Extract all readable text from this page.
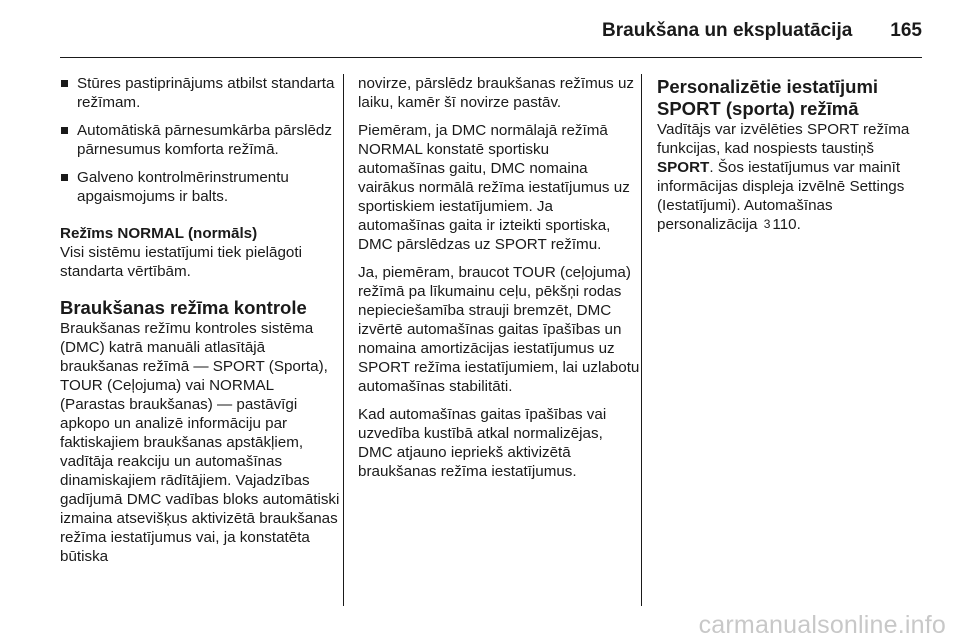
Braukšana un ekspluatācija 165
Stūres pastiprinājums atbilst standarta režīmam.
Automātiskā pārnesumkārba pārslēdz pārnesumus komforta režīmā.
Galveno kontrolmērinstrumentu apgaismojums ir balts.
Režīms NORMAL (normāls)

Visi sistēmu iestatījumi tiek pielāgoti standarta vērtībām.

Braukšanas režīma kontrole

Braukšanas režīmu kontroles sistēma (DMC) katrā manuāli atlasītājā braukšanas režīmā — SPORT (Sporta), TOUR (Ceļojuma) vai NORMAL (Parastas braukšanas) — pastāvīgi apkopo un analizē informāciju par faktiskajiem braukšanas apstākļiem, vadītāja reakciju un automašīnas dinamiskajiem rādītājiem. Vajadzības gadījumā DMC vadības bloks automātiski izmaina atsevišķus aktivizētā braukšanas režīma iestatījumus vai, ja konstatēta būtiska

novirze, pārslēdz braukšanas režīmus uz laiku, kamēr šī novirze pastāv.

Piemēram, ja DMC normālajā režīmā NORMAL konstatē sportisku automašīnas gaitu, DMC nomaina vairākus normālā režīma iestatījumus uz sportiskiem iestatījumiem. Ja automašīnas gaita ir izteikti sportiska, DMC pārslēdzas uz SPORT režīmu.

Ja, piemēram, braucot TOUR (ceļojuma) režīmā pa līkumainu ceļu, pēkšņi rodas nepieciešamība strauji bremzēt, DMC izvērtē automašīnas gaitas īpašības un nomaina amortizācijas iestatījumus uz SPORT režīma iestatījumiem, lai uzlabotu automašīnas stabilitāti.

Kad automašīnas gaitas īpašības vai uzvedība kustībā atkal normalizējas, DMC atjauno iepriekš aktivizētā braukšanas režīma iestatījumus.

Personalizētie iestatījumi
SPORT (sporta) režīmā

Vadītājs var izvēlēties SPORT režīma funkcijas, kad nospiests taustiņš SPORT. Šos iestatījumus var mainīt informācijas displeja izvēlnē Settings (Iestatījumi). Automašīnas personalizācija 3 110.

carmanualsonline.info
